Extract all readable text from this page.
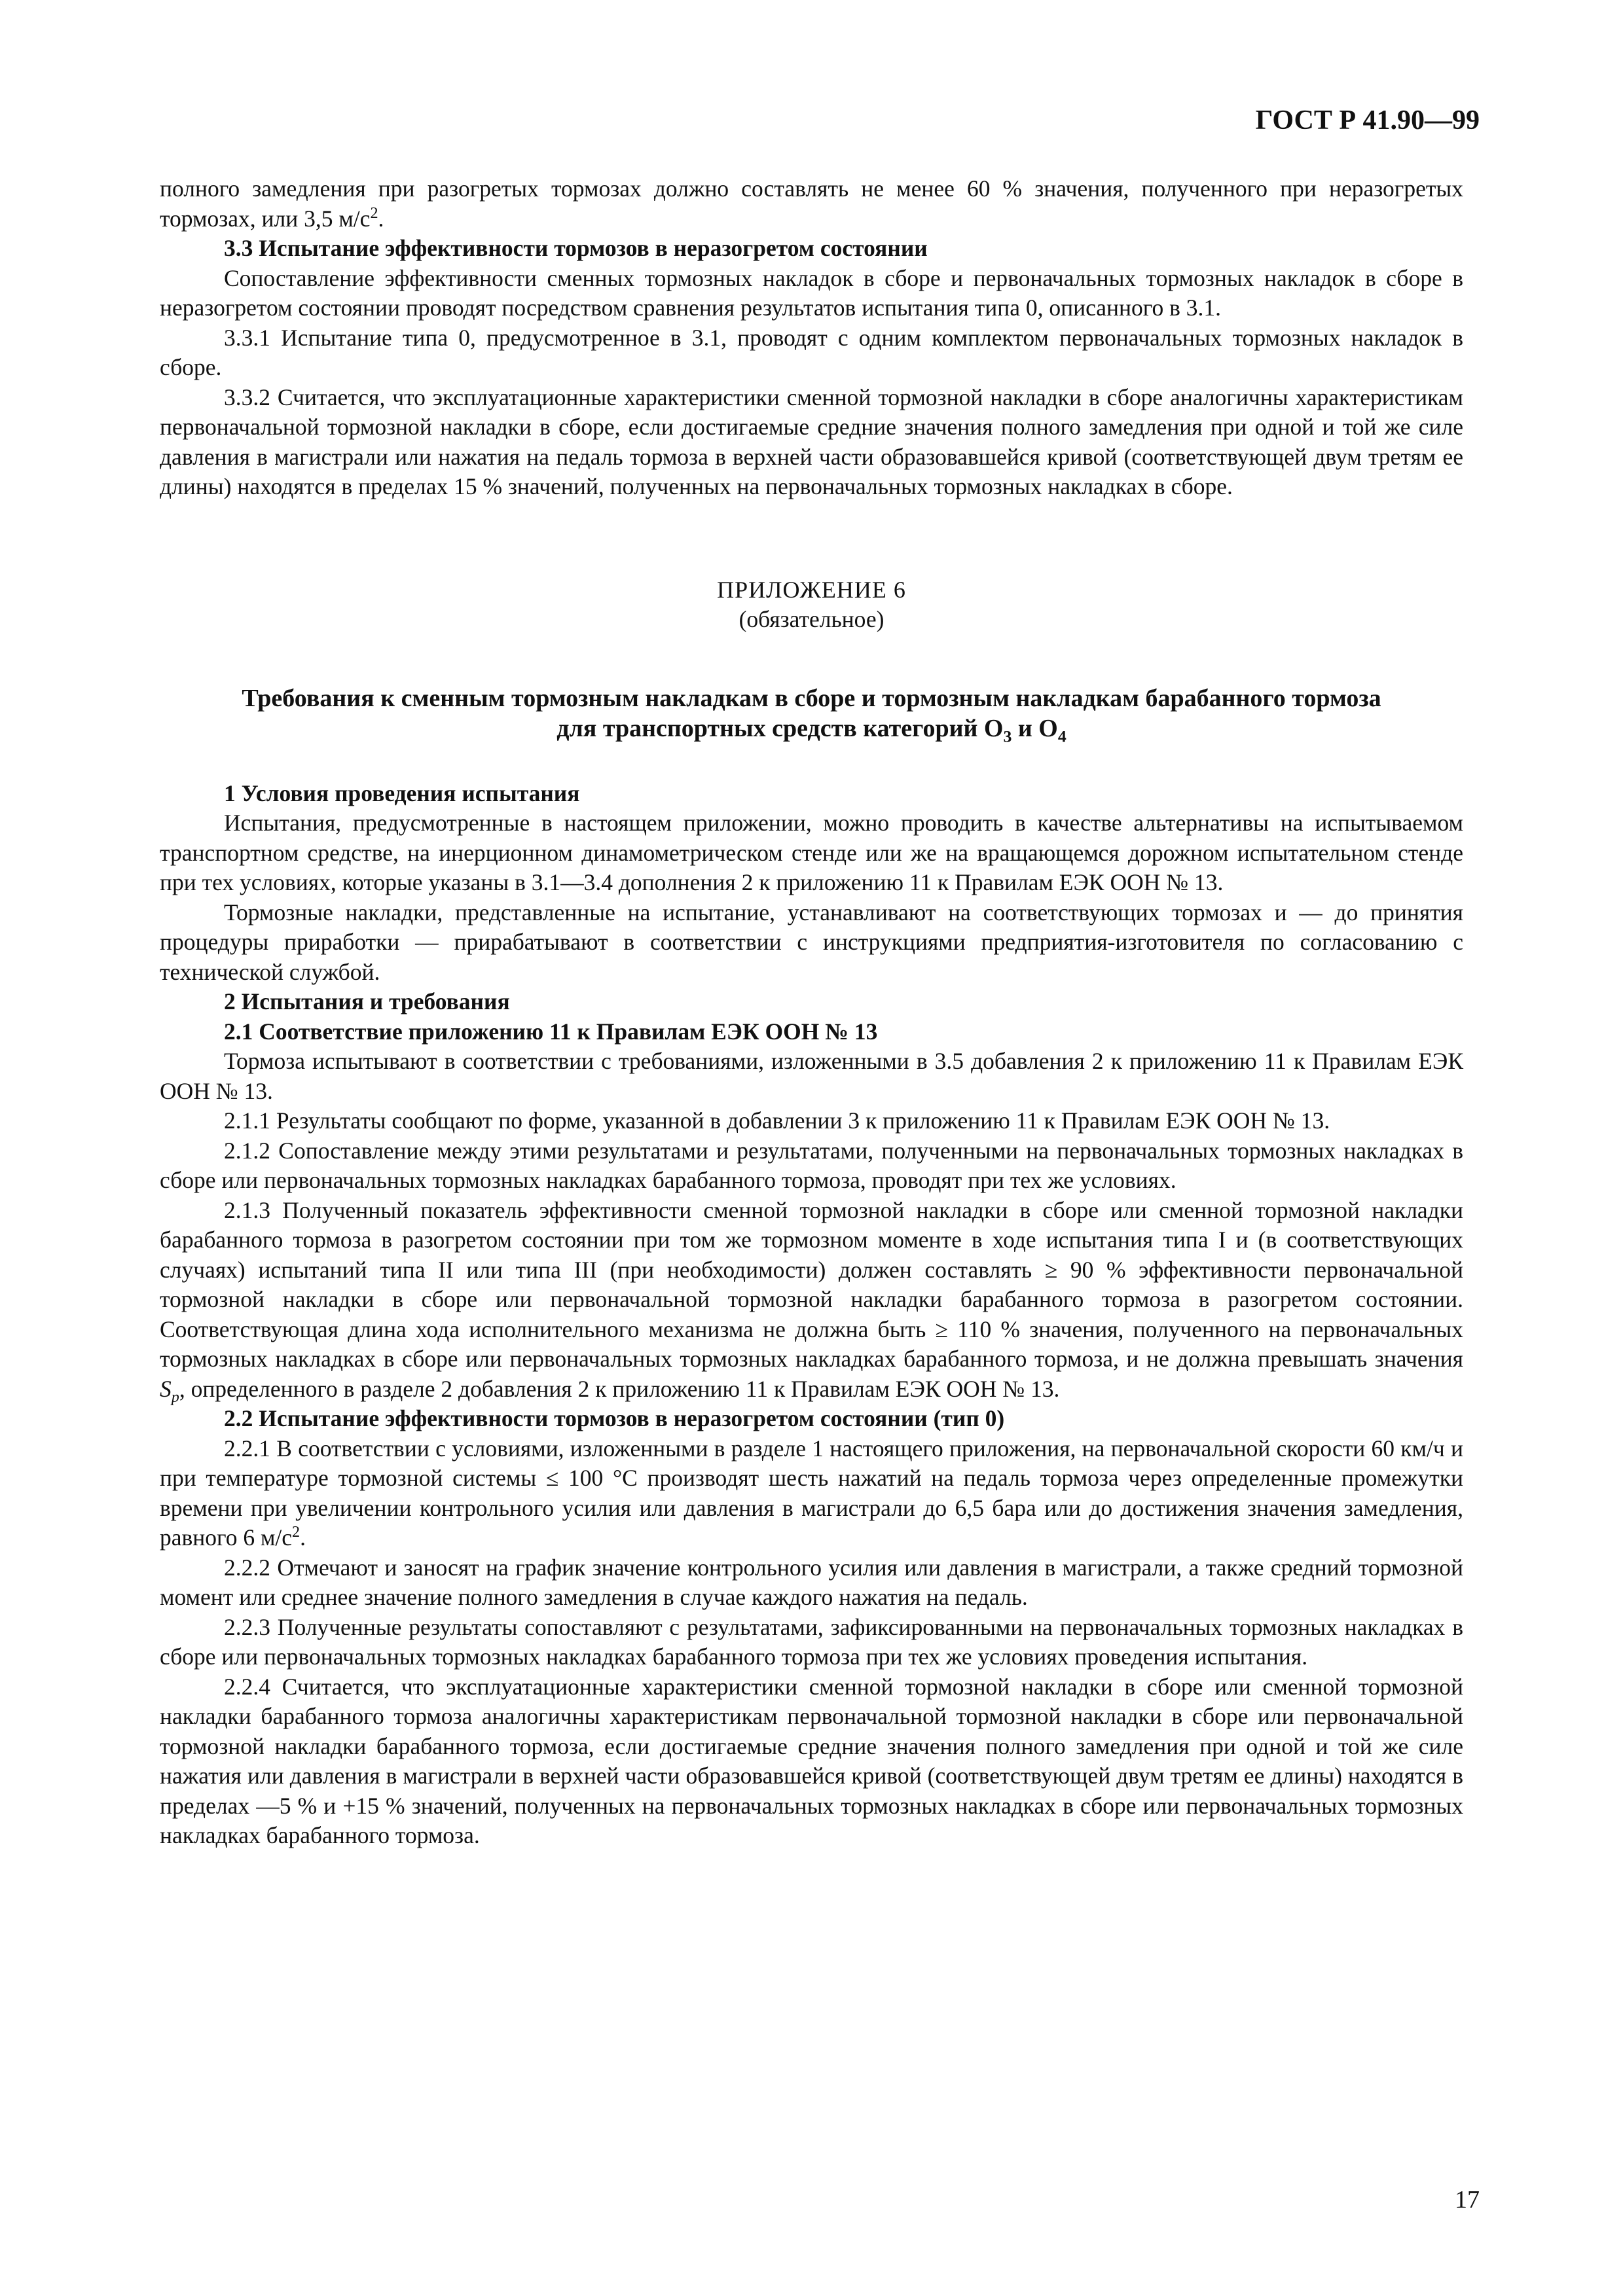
ГОСТ Р 41.90—99

полного замедления при разогретых тормозах должно составлять не менее 60 % значения, полученного при неразогретых тормозах, или 3,5 $м/с^2$.

3.3 Испытание эффективности тормозов в неразогретом состоянии

Сопоставление эффективности сменных тормозных накладок в сборе и первоначальных тормозных накладок в сборе в неразогретом состоянии проводят посредством сравнения результатов испытания типа 0, описанного в 3.1.

3.3.1 Испытание типа 0, предусмотренное в 3.1, проводят с одним комплектом первоначальных тормозных накладок в сборе.

3.3.2 Считается, что эксплуатационные характеристики сменной тормозной накладки в сборе аналогичны характеристикам первоначальной тормозной накладки в сборе, если достигаемые средние значения полного замедления при одной и той же силе давления в магистрали или нажатия на педаль тормоза в верхней части образовавшейся кривой (соответствующей двум третям ее длины) находятся в пределах 15 % значений, полученных на первоначальных тормозных накладках в сборе.

ПРИЛОЖЕНИЕ 6

(обязательное)

Требования к сменным тормозным накладкам в сборе и тормозным накладкам барабанного тормоза

для транспортных средств категорий $О_3$ и $О_4$

1 Условия проведения испытания

Испытания, предусмотренные в настоящем приложении, можно проводить в качестве альтернативы на испытываемом транспортном средстве, на инерционном динамометрическом стенде или же на вращающемся дорожном испытательном стенде при тех условиях, которые указаны в 3.1—3.4 дополнения 2 к приложению 11 к Правилам ЕЭК ООН № 13.

Тормозные накладки, представленные на испытание, устанавливают на соответствующих тормозах и — до принятия процедуры приработки — прирабатывают в соответствии с инструкциями предприятия-изготовителя по согласованию с технической службой.

2 Испытания и требования

2.1 Соответствие приложению 11 к Правилам ЕЭК ООН № 13

Тормоза испытывают в соответствии с требованиями, изложенными в 3.5 добавления 2 к приложению 11 к Правилам ЕЭК ООН № 13.

2.1.1 Результаты сообщают по форме, указанной в добавлении 3 к приложению 11 к Правилам ЕЭК ООН № 13.

2.1.2 Сопоставление между этими результатами и результатами, полученными на первоначальных тормозных накладках в сборе или первоначальных тормозных накладках барабанного тормоза, проводят при тех же условиях.

2.1.3 Полученный показатель эффективности сменной тормозной накладки в сборе или сменной тормозной накладки барабанного тормоза в разогретом состоянии при том же тормозном моменте в ходе испытания типа I и (в соответствующих случаях) испытаний типа II или типа III (при необходимости) должен составлять ≥ 90 % эффективности первоначальной тормозной накладки в сборе или первоначальной тормозной накладки барабанного тормоза в разогретом состоянии. Соответствующая длина хода исполнительного механизма не должна быть ≥ 110 % значения, полученного на первоначальных тормозных накладках в сборе или первоначальных тормозных накладках барабанного тормоза, и не должна превышать значения $S_p$, определенного в разделе 2 добавления 2 к приложению 11 к Правилам ЕЭК ООН № 13.

2.2 Испытание эффективности тормозов в неразогретом состоянии (тип 0)

2.2.1 В соответствии с условиями, изложенными в разделе 1 настоящего приложения, на первоначальной скорости 60 км/ч и при температуре тормозной системы ≤ 100 °С производят шесть нажатий на педаль тормоза через определенные промежутки времени при увеличении контрольного усилия или давления в магистрали до 6,5 бара или до достижения значения замедления, равного 6 $м/с^2$.

2.2.2 Отмечают и заносят на график значение контрольного усилия или давления в магистрали, а также средний тормозной момент или среднее значение полного замедления в случае каждого нажатия на педаль.

2.2.3 Полученные результаты сопоставляют с результатами, зафиксированными на первоначальных тормозных накладках в сборе или первоначальных тормозных накладках барабанного тормоза при тех же условиях проведения испытания.

2.2.4 Считается, что эксплуатационные характеристики сменной тормозной накладки в сборе или сменной тормозной накладки барабанного тормоза аналогичны характеристикам первоначальной тормозной накладки в сборе или первоначальной тормозной накладки барабанного тормоза, если достигаемые средние значения полного замедления при одной и той же силе нажатия или давления в магистрали в верхней части образовавшейся кривой (соответствующей двум третям ее длины) находятся в пределах —5 % и +15 % значений, полученных на первоначальных тормозных накладках в сборе или первоначальных тормозных накладках барабанного тормоза.

17
